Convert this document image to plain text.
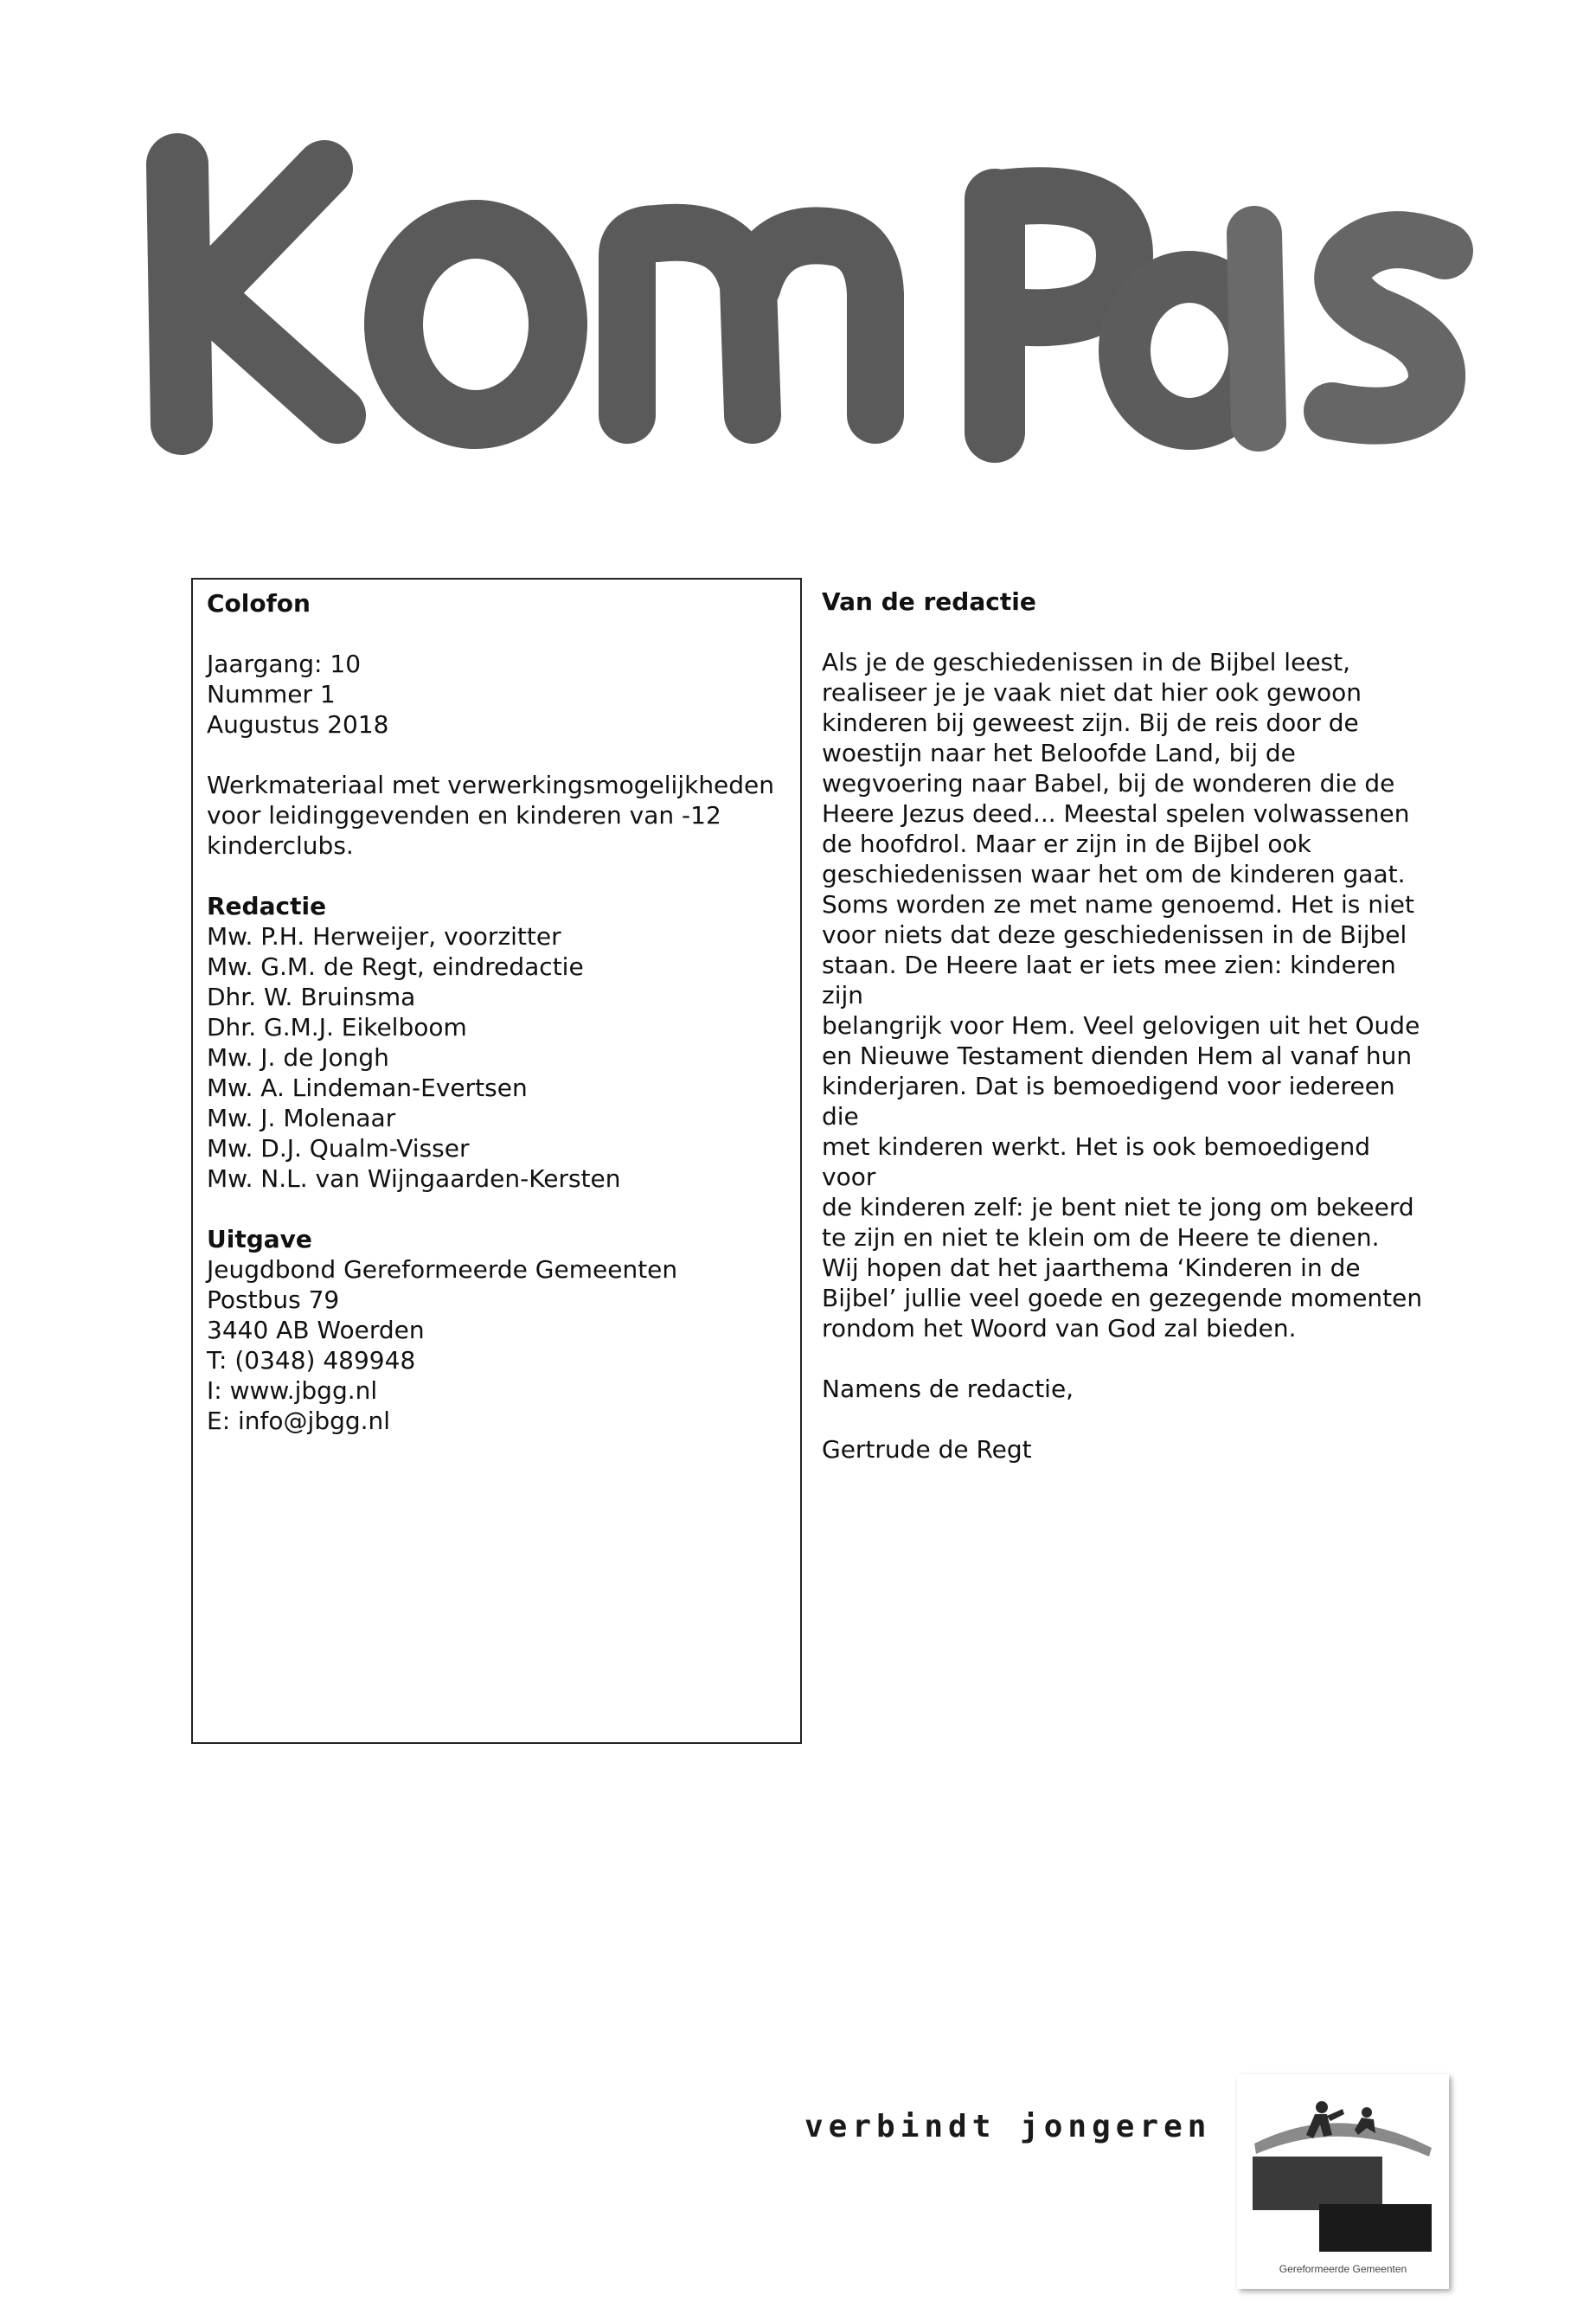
Colofon

Jaargang: 10

Nummer 1

Augustus 2018

Werkmateriaal met verwerkingsmogelijkheden

voor leidinggevenden en kinderen van -12

kinderclubs.

Redactie

Mw. P.H. Herweijer, voorzitter

Mw. G.M. de Regt, eindredactie

Dhr. W. Bruinsma

Dhr. G.M.J. Eikelboom

Mw. J. de Jongh

Mw. A. Lindeman-Evertsen

Mw. J. Molenaar

Mw. D.J. Qualm-Visser

Mw. N.L. van Wijngaarden-Kersten

Uitgave

Jeugdbond Gereformeerde Gemeenten

Postbus 79

3440 AB Woerden

T: (0348) 489948

I: www.jbgg.nl

E: info@jbgg.nl

Van de redactie

Als je de geschiedenissen in de Bijbel leest,

realiseer je je vaak niet dat hier ook gewoon

kinderen bij geweest zijn. Bij de reis door de

woestijn naar het Beloofde Land, bij de

wegvoering naar Babel, bij de wonderen die de

Heere Jezus deed... Meestal spelen volwassenen

de hoofdrol. Maar er zijn in de Bijbel ook

geschiedenissen waar het om de kinderen gaat.

Soms worden ze met name genoemd. Het is niet

voor niets dat deze geschiedenissen in de Bijbel

staan. De Heere laat er iets mee zien: kinderen zijn

belangrijk voor Hem. Veel gelovigen uit het Oude

en Nieuwe Testament dienden Hem al vanaf hun

kinderjaren. Dat is bemoedigend voor iedereen die

met kinderen werkt. Het is ook bemoedigend voor

de kinderen zelf: je bent niet te jong om bekeerd

te zijn en niet te klein om de Heere te dienen.

Wij hopen dat het jaarthema ‘Kinderen in de

Bijbel’ jullie veel goede en gezegende momenten

rondom het Woord van God zal bieden.

Namens de redactie,

Gertrude de Regt

verbindt jongeren
Gereformeerde Gemeenten
